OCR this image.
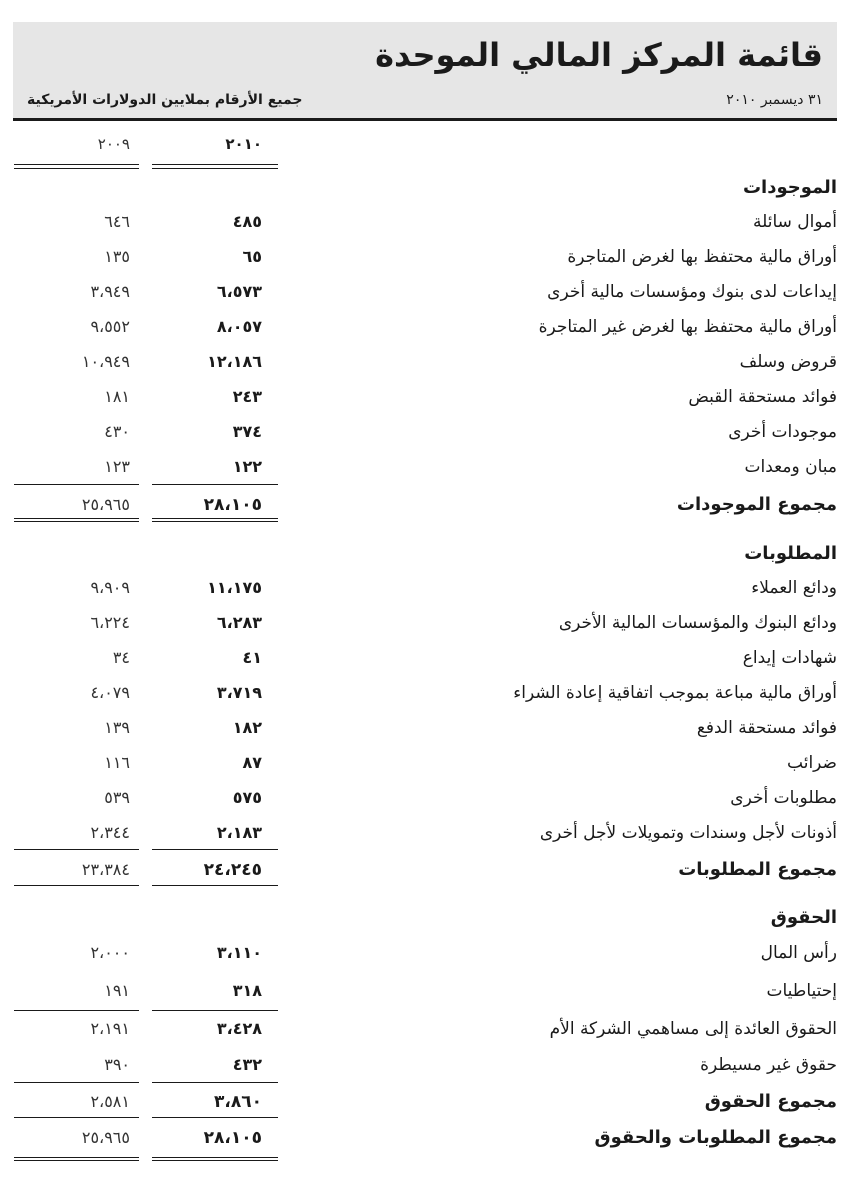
قائمة المركز المالي الموحدة
٣١ ديسمبر ٢٠١٠
جميع الأرقام بملايين الدولارات الأمريكية
٢٠١٠
٢٠٠٩
الموجودات
أموال سائلة
٤٨٥
٦٤٦
أوراق مالية محتفظ بها لغرض المتاجرة
٦٥
١٣٥
إيداعات لدى بنوك ومؤسسات مالية أخرى
٦،٥٧٣
٣،٩٤٩
أوراق مالية محتفظ بها لغرض غير المتاجرة
٨،٠٥٧
٩،٥٥٢
قروض وسلف
١٢،١٨٦
١٠،٩٤٩
فوائد مستحقة القبض
٢٤٣
١٨١
موجودات أخرى
٣٧٤
٤٣٠
مبان ومعدات
١٢٢
١٢٣
مجموع الموجودات
٢٨،١٠٥
٢٥،٩٦٥
المطلوبات
ودائع العملاء
١١،١٧٥
٩،٩٠٩
ودائع البنوك والمؤسسات المالية الأخرى
٦،٢٨٣
٦،٢٢٤
شهادات إيداع
٤١
٣٤
أوراق مالية مباعة بموجب اتفاقية إعادة الشراء
٣،٧١٩
٤،٠٧٩
فوائد مستحقة الدفع
١٨٢
١٣٩
ضرائب
٨٧
١١٦
مطلوبات أخرى
٥٧٥
٥٣٩
أذونات لأجل وسندات وتمويلات لأجل أخرى
٢،١٨٣
٢،٣٤٤
مجموع المطلوبات
٢٤،٢٤٥
٢٣،٣٨٤
الحقوق
رأس المال
٣،١١٠
٢،٠٠٠
إحتياطيات
٣١٨
١٩١
الحقوق العائدة إلى مساهمي الشركة الأم
٣،٤٢٨
٢،١٩١
حقوق غير مسيطرة
٤٣٢
٣٩٠
مجموع الحقوق
٣،٨٦٠
٢،٥٨١
مجموع المطلوبات والحقوق
٢٨،١٠٥
٢٥،٩٦٥
